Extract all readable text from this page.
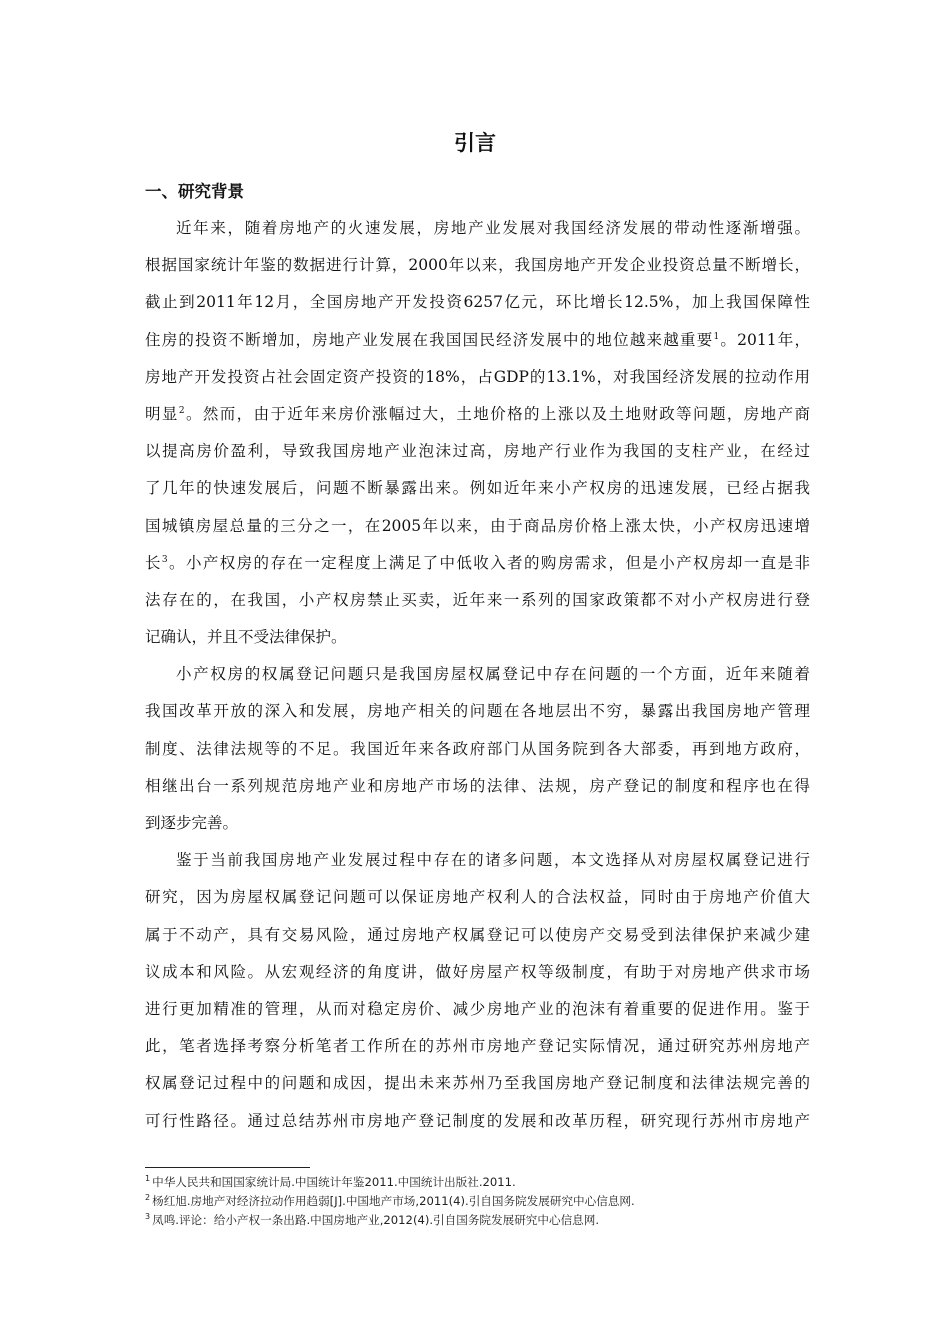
引言
一、研究背景
近年来，随着房地产的火速发展，房地产业发展对我国经济发展的带动性逐渐增强。
根据国家统计年鉴的数据进行计算，2000年以来，我国房地产开发企业投资总量不断增长，
截止到2011年12月，全国房地产开发投资6257亿元，环比增长12.5%，加上我国保障性
住房的投资不断增加，房地产业发展在我国国民经济发展中的地位越来越重要$^1$。2011年，
房地产开发投资占社会固定资产投资的18%，占GDP的13.1%，对我国经济发展的拉动作用
明显$^2$。然而，由于近年来房价涨幅过大，土地价格的上涨以及土地财政等问题，房地产商
以提高房价盈利，导致我国房地产业泡沫过高，房地产行业作为我国的支柱产业，在经过
了几年的快速发展后，问题不断暴露出来。例如近年来小产权房的迅速发展，已经占据我
国城镇房屋总量的三分之一，在2005年以来，由于商品房价格上涨太快，小产权房迅速增
长$^3$。小产权房的存在一定程度上满足了中低收入者的购房需求，但是小产权房却一直是非
法存在的，在我国，小产权房禁止买卖，近年来一系列的国家政策都不对小产权房进行登
记确认，并且不受法律保护。
小产权房的权属登记问题只是我国房屋权属登记中存在问题的一个方面，近年来随着
我国改革开放的深入和发展，房地产相关的问题在各地层出不穷，暴露出我国房地产管理
制度、法律法规等的不足。我国近年来各政府部门从国务院到各大部委，再到地方政府，
相继出台一系列规范房地产业和房地产市场的法律、法规，房产登记的制度和程序也在得
到逐步完善。
鉴于当前我国房地产业发展过程中存在的诸多问题，本文选择从对房屋权属登记进行
研究，因为房屋权属登记问题可以保证房地产权利人的合法权益，同时由于房地产价值大
属于不动产，具有交易风险，通过房地产权属登记可以使房产交易受到法律保护来减少建
议成本和风险。从宏观经济的角度讲，做好房屋产权等级制度，有助于对房地产供求市场
进行更加精准的管理，从而对稳定房价、减少房地产业的泡沫有着重要的促进作用。鉴于
此，笔者选择考察分析笔者工作所在的苏州市房地产登记实际情况，通过研究苏州房地产
权属登记过程中的问题和成因，提出未来苏州乃至我国房地产登记制度和法律法规完善的
可行性路径。通过总结苏州市房地产登记制度的发展和改革历程，研究现行苏州市房地产
$^1$ 中华人民共和国国家统计局.中国统计年鉴2011.中国统计出版社.2011.
$^2$ 杨红旭.房地产对经济拉动作用趋弱[J].中国地产市场,2011(4).引自国务院发展研究中心信息网.
$^3$ 凤鸣.评论：给小产权一条出路.中国房地产业,2012(4).引自国务院发展研究中心信息网.
